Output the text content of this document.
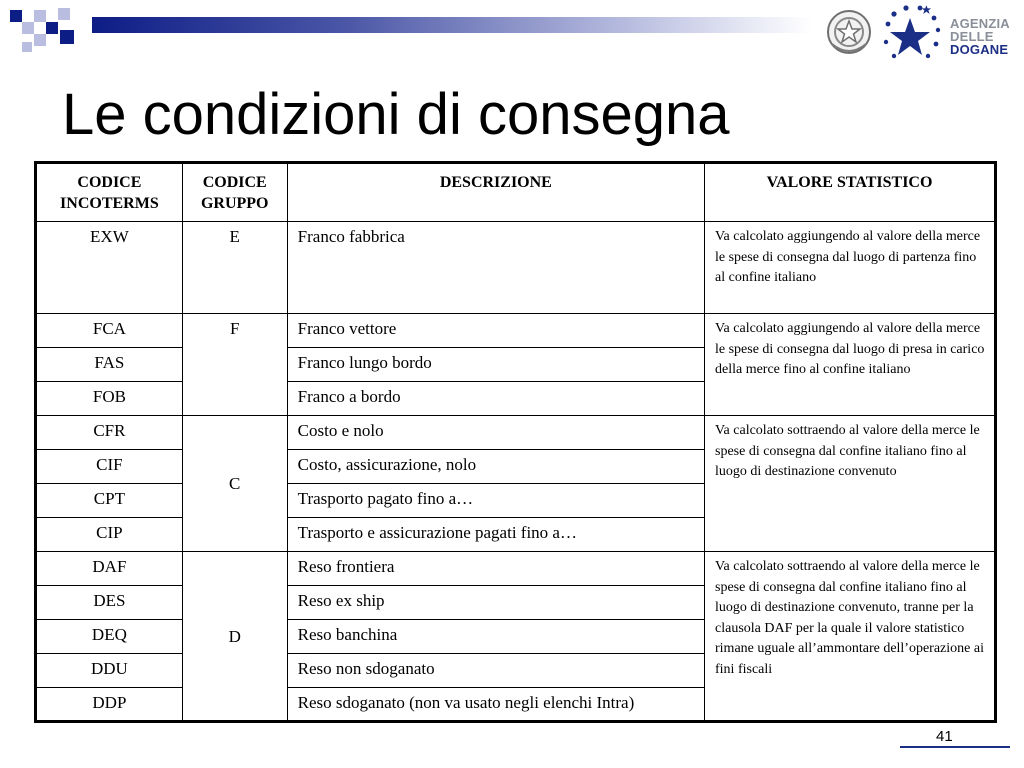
AGENZIA
DELLE
DOGANE
Le condizioni di consegna
CODICE INCOTERMS	CODICE GRUPPO	DESCRIZIONE	VALORE STATISTICO
EXW	E	Franco fabbrica	Va calcolato aggiungendo al valore della merce le spese di consegna dal luogo di partenza fino al confine italiano
FCA	F	Franco vettore	Va calcolato aggiungendo al valore della merce le spese di consegna dal luogo di presa in carico della merce fino al confine italiano
FAS		Franco lungo bordo	
FOB		Franco a bordo	
CFR	C	Costo e nolo	Va calcolato sottraendo al valore della merce le spese di consegna dal confine italiano fino al luogo di destinazione convenuto
CIF		Costo, assicurazione, nolo	
CPT		Trasporto pagato fino a…	
CIP		Trasporto e assicurazione pagati fino a…	
DAF	D	Reso frontiera	Va calcolato sottraendo al valore della merce le spese di consegna dal confine italiano fino al luogo di destinazione convenuto, tranne per la clausola DAF per la quale il valore statistico rimane uguale all’ammontare dell’operazione ai fini fiscali
DES		Reso ex ship	
DEQ		Reso banchina	
DDU		Reso non sdoganato	
DDP		Reso sdoganato (non va usato negli elenchi Intra)	
41
